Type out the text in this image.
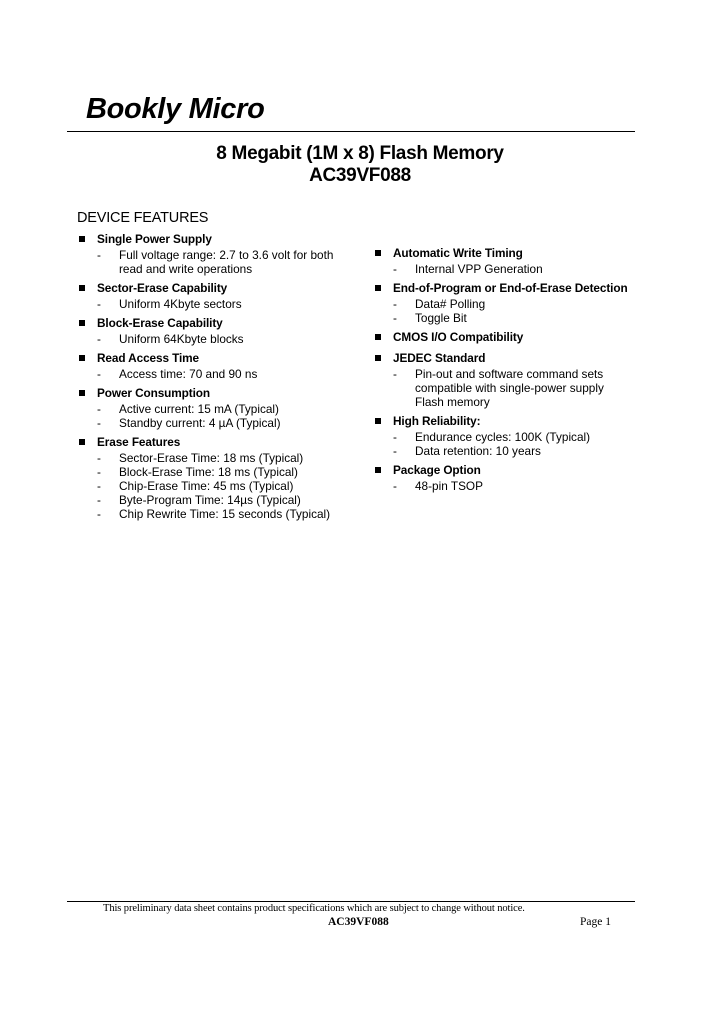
Bookly Micro
8 Megabit (1M x 8) Flash Memory
AC39VF088
DEVICE FEATURES
Single Power Supply
-	Full voltage range: 2.7 to 3.6 volt for both read and write operations
Sector-Erase Capability
-	Uniform 4Kbyte sectors
Block-Erase Capability
-	Uniform 64Kbyte blocks
Read Access Time
-	Access time: 70 and 90 ns
Power Consumption
-	Active current: 15 mA (Typical)
-	Standby current: 4 µA (Typical)
Erase Features
-	Sector-Erase Time: 18 ms (Typical)
-	Block-Erase Time: 18 ms (Typical)
-	Chip-Erase Time: 45 ms (Typical)
-	Byte-Program Time: 14µs (Typical)
-	Chip Rewrite Time: 15 seconds (Typical)
Automatic Write Timing
-	Internal VPP Generation
End-of-Program or End-of-Erase Detection
-	Data# Polling
-	Toggle Bit
CMOS I/O Compatibility
JEDEC Standard
-	Pin-out and software command sets compatible with single-power supply Flash memory
High Reliability:
-	Endurance cycles: 100K (Typical)
-	Data retention: 10 years
Package Option
-	48-pin TSOP
This preliminary data sheet contains product specifications which are subject to change without notice.
AC39VF088	Page 1
